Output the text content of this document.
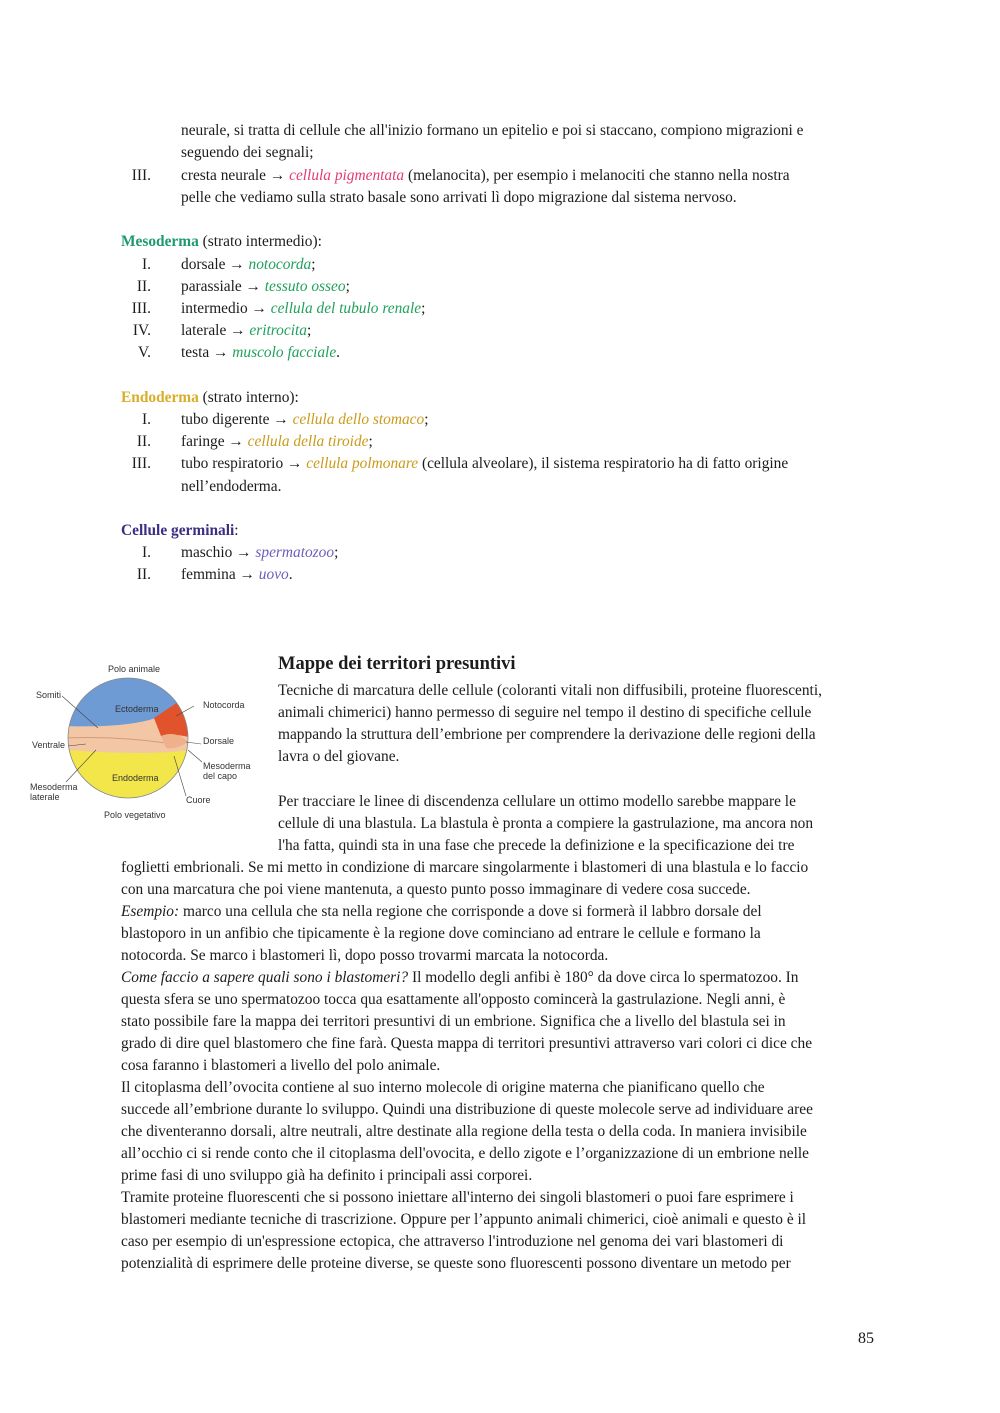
neurale, si tratta di cellule che all'inizio formano un epitelio e poi si staccano, compiono migrazioni e
seguendo dei segnali;
III. cresta neurale → cellula pigmentata (melanocita), per esempio i melanociti che stanno nella nostra
pelle che vediamo sulla strato basale sono arrivati lì dopo migrazione dal sistema nervoso.
Mesoderma (strato intermedio):
I. dorsale → notocorda;
II. parassiale → tessuto osseo;
III. intermedio → cellula del tubulo renale;
IV. laterale → eritrocita;
V. testa → muscolo facciale.
Endoderma (strato interno):
I. tubo digerente → cellula dello stomaco;
II. faringe → cellula della tiroide;
III. tubo respiratorio → cellula polmonare (cellula alveolare), il sistema respiratorio ha di fatto origine
nell’endoderma.
Cellule germinali:
I. maschio → spermatozoo;
II. femmina → uovo.
Polo animale
Somiti
Ectoderma	Notocorda
Ventrale	Dorsale
Endoderma
Mesoderma
del capo
Mesoderma
laterale	Cuore
Polo vegetativo
Mappe dei territori presuntivi
Tecniche di marcatura delle cellule (coloranti vitali non diffusibili, proteine fluorescenti,
animali chimerici) hanno permesso di seguire nel tempo il destino di specifiche cellule
mappando la struttura dell’embrione per comprendere la derivazione delle regioni della
lavra o del giovane.
Per tracciare le linee di discendenza cellulare un ottimo modello sarebbe mappare le
cellule di una blastula. La blastula è pronta a compiere la gastrulazione, ma ancora non
l'ha fatta, quindi sta in una fase che precede la definizione e la specificazione dei tre
foglietti embrionali. Se mi metto in condizione di marcare singolarmente i blastomeri di una blastula e lo faccio
con una marcatura che poi viene mantenuta, a questo punto posso immaginare di vedere cosa succede.
Esempio: marco una cellula che sta nella regione che corrisponde a dove si formerà il labbro dorsale del
blastoporo in un anfibio che tipicamente è la regione dove cominciano ad entrare le cellule e formano la
notocorda. Se marco i blastomeri lì, dopo posso trovarmi marcata la notocorda.
Come faccio a sapere quali sono i blastomeri? Il modello degli anfibi è 180° da dove circa lo spermatozoo. In
questa sfera se uno spermatozoo tocca qua esattamente all'opposto comincerà la gastrulazione. Negli anni, è
stato possibile fare la mappa dei territori presuntivi di un embrione. Significa che a livello del blastula sei in
grado di dire quel blastomero che fine farà. Questa mappa di territori presuntivi attraverso vari colori ci dice che
cosa faranno i blastomeri a livello del polo animale.
Il citoplasma dell’ovocita contiene al suo interno molecole di origine materna che pianificano quello che
succede all’embrione durante lo sviluppo. Quindi una distribuzione di queste molecole serve ad individuare aree
che diventeranno dorsali, altre neutrali, altre destinate alla regione della testa o della coda. In maniera invisibile
all’occhio ci si rende conto che il citoplasma dell'ovocita, e dello zigote e l’organizzazione di un embrione nelle
prime fasi di uno sviluppo già ha definito i principali assi corporei.
Tramite proteine fluorescenti che si possono iniettare all'interno dei singoli blastomeri o puoi fare esprimere i
blastomeri mediante tecniche di trascrizione. Oppure per l’appunto animali chimerici, cioè animali e questo è il
caso per esempio di un'espressione ectopica, che attraverso l'introduzione nel genoma dei vari blastomeri di
potenzialità di esprimere delle proteine diverse, se queste sono fluorescenti possono diventare un metodo per
85
